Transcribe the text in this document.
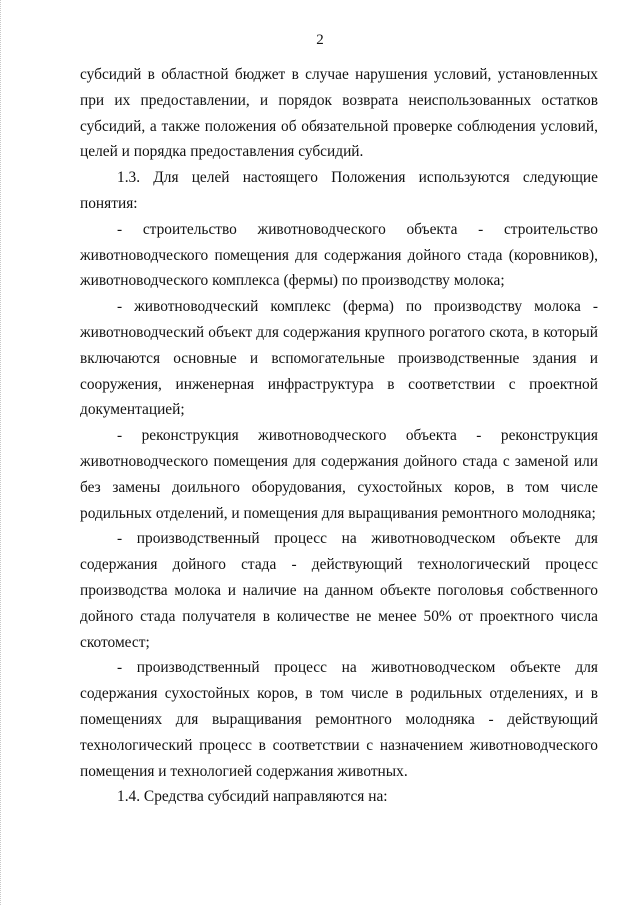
2

субсидий в областной бюджет в случае нарушения условий, установленных при их предоставлении, и порядок возврата неиспользованных остатков субсидий, а также положения об обязательной проверке соблюдения условий, целей и порядка предоставления субсидий.

1.3. Для целей настоящего Положения используются следующие понятия:

- строительство животноводческого объекта - строительство животноводческого помещения для содержания дойного стада (коровников), животноводческого комплекса (фермы) по производству молока;

- животноводческий комплекс (ферма) по производству молока - животноводческий объект для содержания крупного рогатого скота, в который включаются основные и вспомогательные производственные здания и сооружения, инженерная инфраструктура в соответствии с проектной документацией;

- реконструкция животноводческого объекта - реконструкция животноводческого помещения для содержания дойного стада с заменой или без замены доильного оборудования, сухостойных коров, в том числе родильных отделений, и помещения для выращивания ремонтного молодняка;

- производственный процесс на животноводческом объекте для содержания дойного стада - действующий технологический процесс производства молока и наличие на данном объекте поголовья собственного дойного стада получателя в количестве не менее 50% от проектного числа скотомест;

- производственный процесс на животноводческом объекте для содержания сухостойных коров, в том числе в родильных отделениях, и в помещениях для выращивания ремонтного молодняка - действующий технологический процесс в соответствии с назначением животноводческого помещения и технологией содержания животных.

1.4. Средства субсидий направляются на:
